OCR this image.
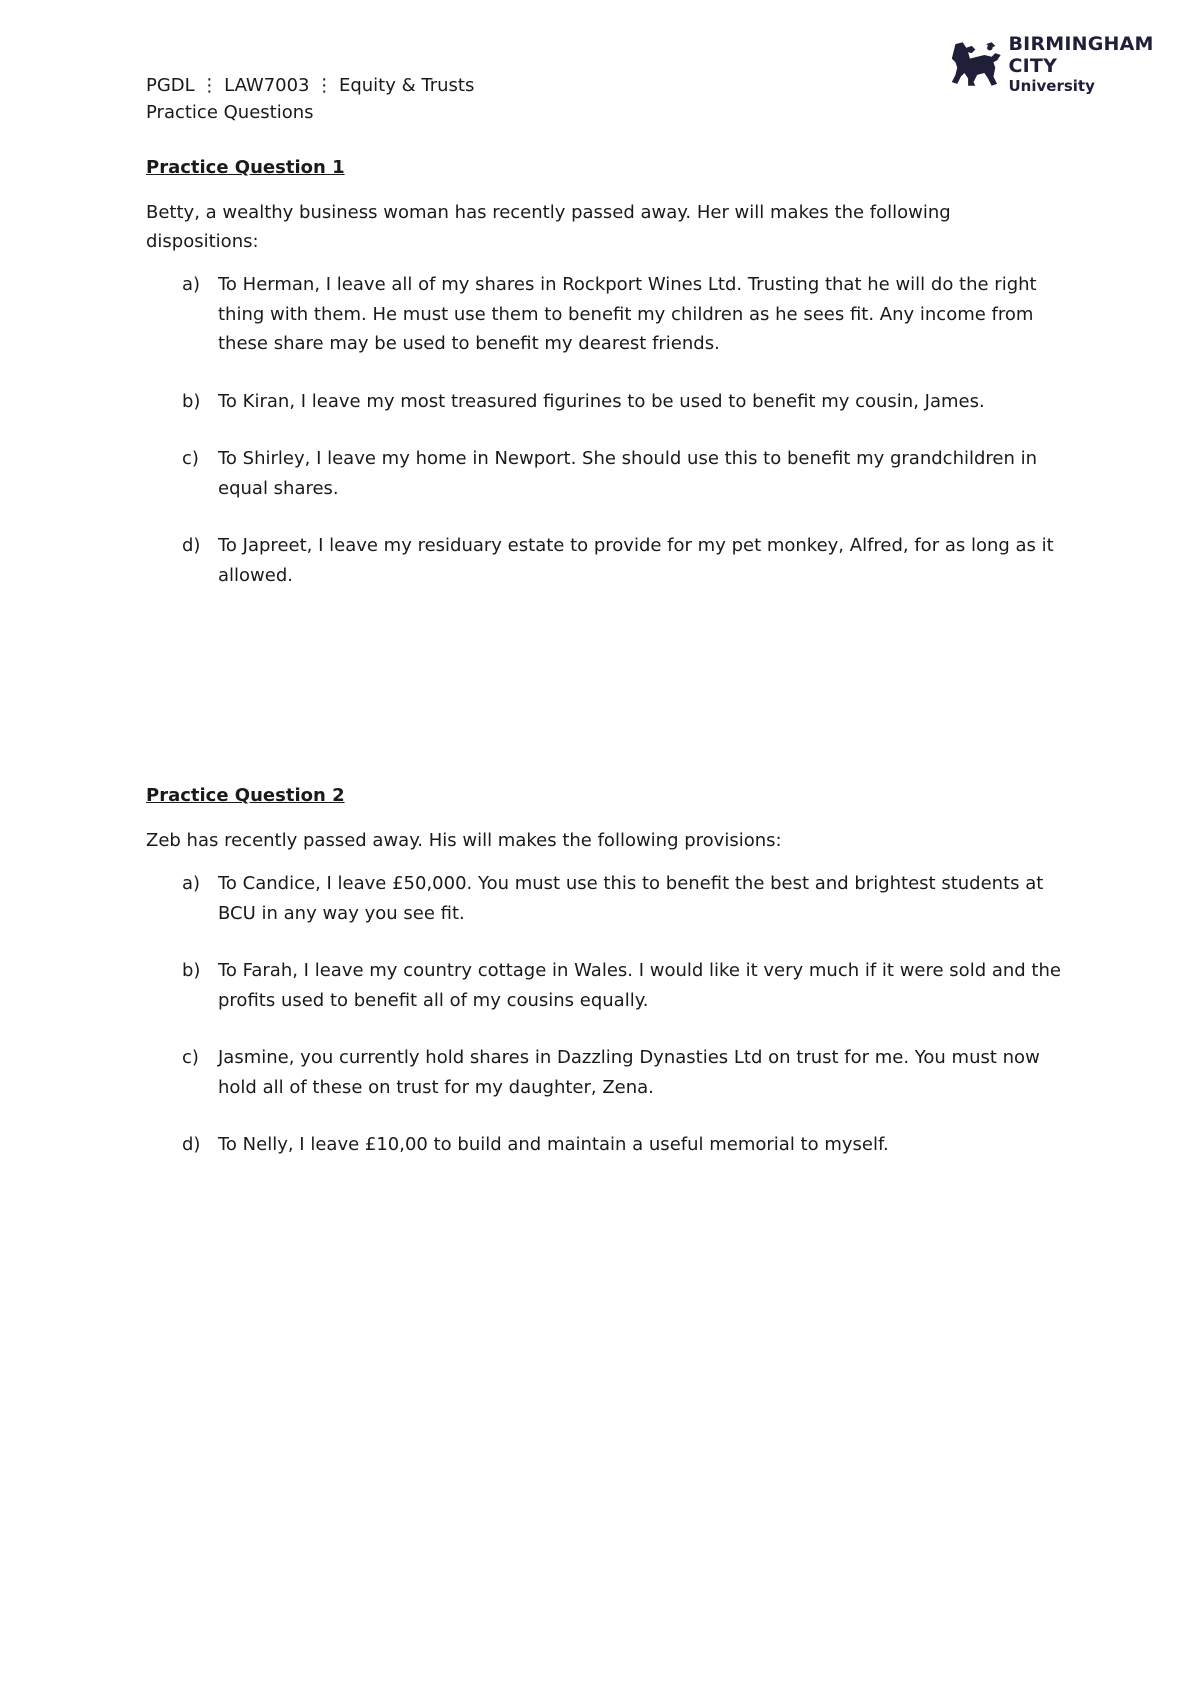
PGDL ⋮ LAW7003 ⋮ Equity & Trusts
Practice Questions
BIRMINGHAM CITY
University
Practice Question 1
Betty, a wealthy business woman has recently passed away. Her will makes the following dispositions:
a) To Herman, I leave all of my shares in Rockport Wines Ltd. Trusting that he will do the right thing with them. He must use them to benefit my children as he sees fit. Any income from these share may be used to benefit my dearest friends.
b) To Kiran, I leave my most treasured figurines to be used to benefit my cousin, James.
c) To Shirley, I leave my home in Newport. She should use this to benefit my grandchildren in equal shares.
d) To Japreet, I leave my residuary estate to provide for my pet monkey, Alfred, for as long as it allowed.
Practice Question 2
Zeb has recently passed away. His will makes the following provisions:
a) To Candice, I leave £50,000. You must use this to benefit the best and brightest students at BCU in any way you see fit.
b) To Farah, I leave my country cottage in Wales. I would like it very much if it were sold and the profits used to benefit all of my cousins equally.
c) Jasmine, you currently hold shares in Dazzling Dynasties Ltd on trust for me. You must now hold all of these on trust for my daughter, Zena.
d) To Nelly, I leave £10,00 to build and maintain a useful memorial to myself.
